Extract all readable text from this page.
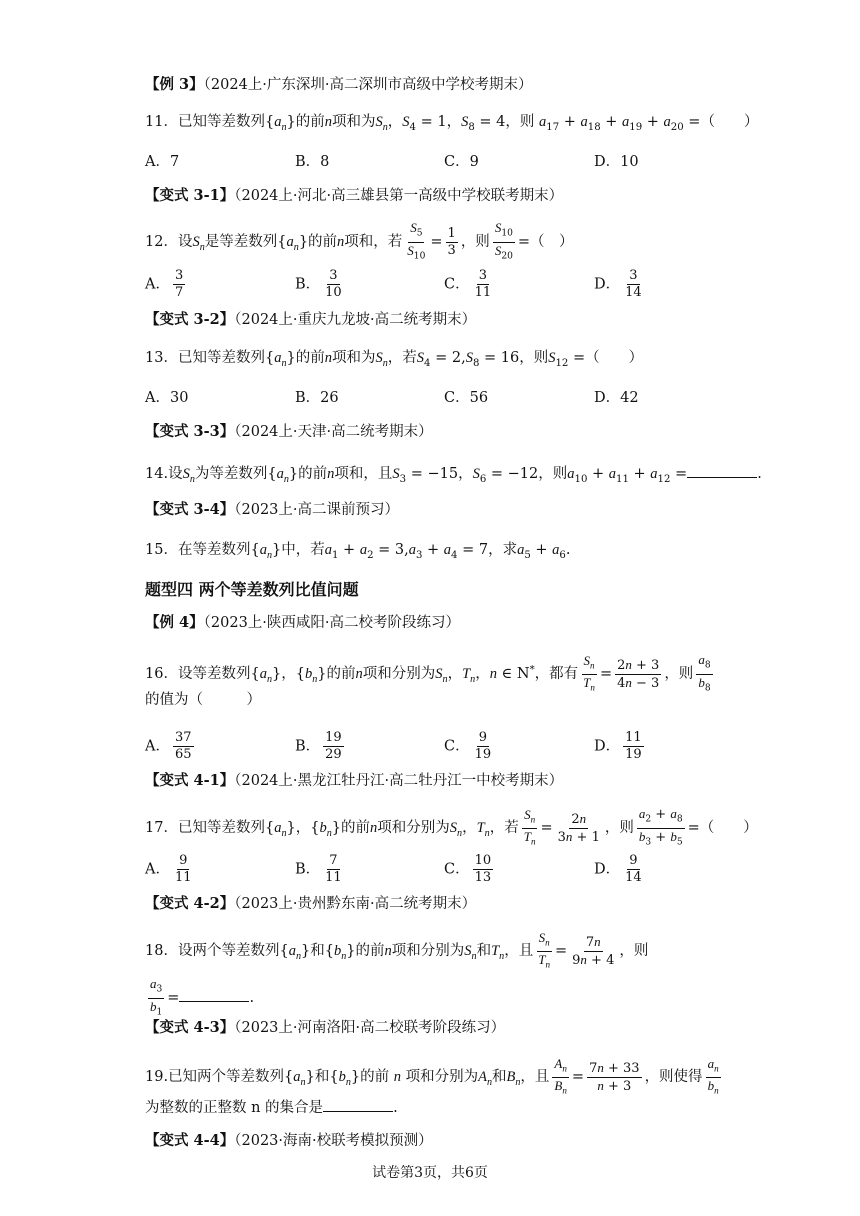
【例 3】（2024上·广东深圳·高二深圳市高级中学校考期末）
11．已知等差数列$\{a_n\}$的前n项和为$S_n$，$S_4 = 1$，$S_8 = 4$，则 $a_{17} + a_{18} + a_{19} + a_{20}$ =（　　）
A．7	B．8	C．9	D．10
【变式 3-1】（2024上·河北·高三雄县第一高级中学校联考期末）
12．设$S_n$是等差数列$\{a_n\}$的前n项和，若 $\frac{S_5}{S_{10}} = \frac{1}{3}$ ，则 $\frac{S_{10}}{S_{20}}$ =（　）
A． $\frac{3}{7}$	B． $\frac{3}{10}$	C． $\frac{3}{11}$	D． $\frac{3}{14}$
【变式 3-2】（2024上·重庆九龙坡·高二统考期末）
13．已知等差数列$\{a_n\}$的前n项和为$S_n$，若$S_4 = 2,S_8 = 16$，则$S_{12}$ =（　　）
A．30	B．26	C．56	D．42
【变式 3-3】（2024上·天津·高二统考期末）
14.设$S_n$为等差数列$\{a_n\}$的前n项和，且$S_3 = -15$，$S_6 = -12$，则$a_{10} + a_{11} + a_{12}$ =	.
【变式 3-4】（2023上·高二课前预习）
15．在等差数列$\{a_n\}$中，若$a_1 + a_2 = 3,a_3 + a_4 = 7$，求$a_5 + a_6$.
题型四 两个等差数列比值问题
【例 4】（2023上·陕西咸阳·高二校考阶段练习）
16．设等差数列$\{a_n\}$，$\{b_n\}$的前n项和分别为$S_n$，$T_n$，n ∈ N*，都有 $\frac{S_n}{T_n} = \frac{2n + 3}{4n - 3}$ ，则 $\frac{a_8}{b_8}$
的值为（　　　）
A． $\frac{37}{65}$	B． $\frac{19}{29}$	C． $\frac{9}{19}$	D． $\frac{11}{19}$
【变式 4-1】（2024上·黑龙江牡丹江·高二牡丹江一中校考期末）
17．已知等差数列$\{a_n\}$，$\{b_n\}$的前n项和分别为$S_n$，$T_n$，若 $\frac{S_n}{T_n} = \frac{2n}{3n + 1}$ ，则 $\frac{a_2 + a_8}{b_3 + b_5}$ =（　　）
A． $\frac{9}{11}$	B． $\frac{7}{11}$	C． $\frac{10}{13}$	D． $\frac{9}{14}$
【变式 4-2】（2023上·贵州黔东南·高二统考期末）
18．设两个等差数列$\{a_n\}$和$\{b_n\}$的前n项和分别为$S_n$和$T_n$，且 $\frac{S_n}{T_n} = \frac{7n}{9n + 4}$ ，则
$\frac{a_3}{b_1}$ =	.
【变式 4-3】（2023上·河南洛阳·高二校联考阶段练习）
19.已知两个等差数列$\{a_n\}$和$\{b_n\}$的前 n 项和分别为$A_n$和$B_n$，且 $\frac{A_n}{B_n} = \frac{7n + 33}{n + 3}$ ，则使得 $\frac{a_n}{b_n}$
为整数的正整数 n 的集合是	.
【变式 4-4】（2023·海南·校联考模拟预测）
试卷第3页，共6页
